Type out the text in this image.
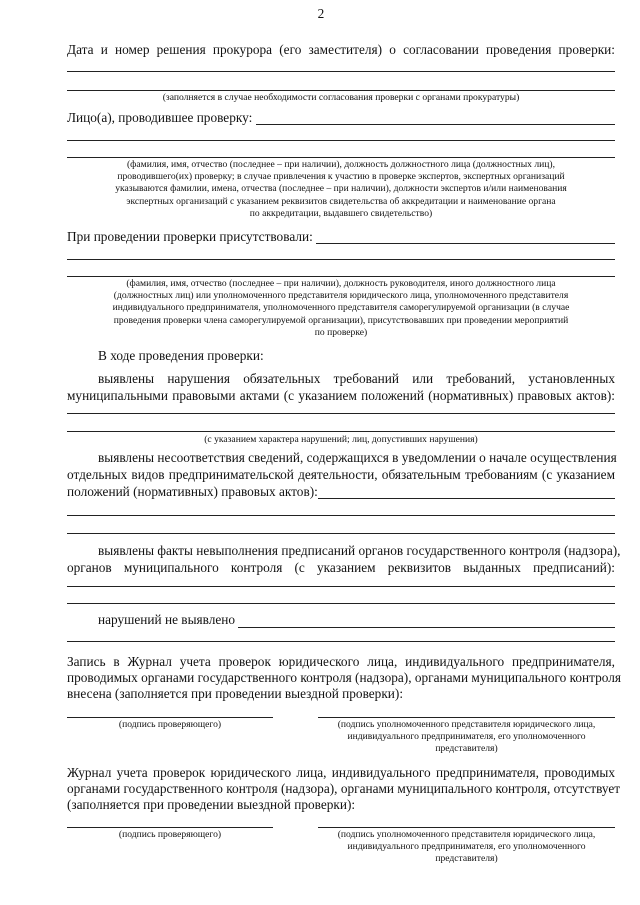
2
Дата и номер решения прокурора (его заместителя) о согласовании проведения проверки:
(заполняется в случае необходимости согласования проверки с органами прокуратуры)
Лицо(а), проводившее проверку:
(фамилия, имя, отчество (последнее – при наличии), должность должностного лица (должностных лиц),
проводившего(их) проверку; в случае привлечения к участию в проверке экспертов, экспертных организаций
указываются фамилии, имена, отчества (последнее – при наличии), должности экспертов и/или наименования
экспертных организаций с указанием реквизитов свидетельства об аккредитации и наименование органа
по аккредитации, выдавшего свидетельство)
При проведении проверки присутствовали:
(фамилия, имя, отчество (последнее – при наличии), должность руководителя, иного должностного лица
(должностных лиц) или уполномоченного представителя юридического лица, уполномоченного представителя
индивидуального предпринимателя, уполномоченного представителя саморегулируемой организации (в случае
проведения проверки члена саморегулируемой организации), присутствовавших при проведении мероприятий
по проверке)
В ходе проведения проверки:
выявлены нарушения обязательных требований или требований, установленных
муниципальными правовыми актами (с указанием положений (нормативных) правовых актов):
(с указанием характера нарушений; лиц, допустивших нарушения)
выявлены несоответствия сведений, содержащихся в уведомлении о начале осуществления
отдельных видов предпринимательской деятельности, обязательным требованиям (с указанием
положений (нормативных) правовых актов):
выявлены факты невыполнения предписаний органов государственного контроля (надзора),
органов муниципального контроля (с указанием реквизитов выданных предписаний):
нарушений не выявлено
Запись в Журнал учета проверок юридического лица, индивидуального предпринимателя,
проводимых органами государственного контроля (надзора), органами муниципального контроля
внесена (заполняется при проведении выездной проверки):
(подпись проверяющего)	(подпись уполномоченного представителя юридического лица,
индивидуального предпринимателя, его уполномоченного
представителя)
Журнал учета проверок юридического лица, индивидуального предпринимателя, проводимых
органами государственного контроля (надзора), органами муниципального контроля, отсутствует
(заполняется при проведении выездной проверки):
(подпись проверяющего)	(подпись уполномоченного представителя юридического лица,
индивидуального предпринимателя, его уполномоченного
представителя)
